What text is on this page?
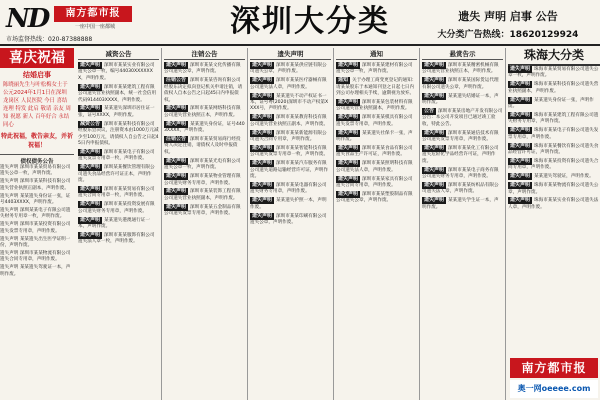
ND	南方都市报
一座中国一座都城
市场监督热线：020-87388888
深圳大分类	遗失 声明 启事 公告
大分类广告热线：18620129924
喜庆祝福
结婚启事
陈晓丽先生与叶松梅女士于公元2024年1月1日在深圳 龙岗区 人民医院 今日 喜结连理 特发 此启 敬请 亲友 周知 祝愿 新人 百年好合 永结同心
特此祝福，敬告亲友，并祈祝福！
债权债务公告
遗失声明 深圳市某某贸易有限公司遗失公章一枚，声明作废。
遗失声明 深圳市某某科技有限公司遗失营业执照正副本，声明作废。
遗失声明 某某遗失身份证一张，证号4403XXXX，声明作废。
遗失声明 深圳某某电子有限公司遗失财务专用章一枚，声明作废。
遗失声明 深圳市某某投资有限公司遗失发票专用章，声明作废。
遗失声明 某某遗失出生医学证明一份，声明作废。
遗失声明 深圳市某某物流有限公司遗失合同专用章，声明作废。
遗失声明 某某遗失驾驶证一本，声明作废。
减资公告
遗失声明 深圳市某某实业有限公司遗失公章一枚，编号44030XXXXXXX，声明作废。
遗失声明 深圳市某某建筑工程有限公司遗失营业执照副本，统一社会信用代码914403XXXX，声明作废。
遗失声明 某某遗失深圳市居住证一张，证号XXXX，声明作废。
减资公告 深圳市某某科技有限公司经股东会决议，注册资本由1000万元减少至100万元，请债权人自公告之日起45日内申报债权。
遗失声明 深圳市某某电子有限公司遗失发票专用章一枚，声明作废。
遗失声明 深圳某某餐饮管理有限公司遗失食品经营许可证正本，声明作废。
遗失声明 深圳市某某贸易有限公司遗失合同专用章一枚，声明作废。
遗失声明 深圳市某某投资发展有限公司遗失财务专用章，声明作废。
遗失声明 某某遗失港澳通行证一本，声明作废。
遗失声明 深圳市某某服饰有限公司遗失法人章一枚，声明作废。
注销公告
遗失声明 深圳市某某文化传播有限公司遗失公章，声明作废。
注销公告 深圳市某某咨询有限公司经股东决定拟向登记机关申请注销，请债权人自本公告之日起45日内申报债权。
遗失声明 深圳市某某网络科技有限公司遗失营业执照正本，声明作废。
遗失声明 某某遗失身份证，证号4403XXXX，声明作废。
注销公告 深圳市某某贸易商行经投资人决定注销，请债权人及时申报债权。
遗失声明 深圳市某某光电有限公司遗失公章一枚，声明作废。
遗失声明 深圳市某某物业管理有限公司遗失财务专用章，声明作废。
遗失声明 深圳市某某装饰工程有限公司遗失营业执照副本，声明作废。
遗失声明 深圳市某某五金制品有限公司遗失发票专用章，声明作废。
遗失声明
遗失声明 深圳市某某供应链有限公司遗失公章，声明作废。
遗失声明 深圳市某某医疗器械有限公司遗失法人章，声明作废。
遗失声明 某某遗失不动产权证书一本，证号粤(2020)深圳市不动产权第XXXX号，声明作废。
遗失声明 深圳市某某教育科技有限公司遗失营业执照正副本，声明作废。
遗失声明 深圳市某某新能源有限公司遗失合同专用章，声明作废。
遗失声明 深圳市某某智能科技有限公司遗失发票专用章一枚，声明作废。
遗失声明 深圳市某某汽车服务有限公司遗失道路运输经营许可证，声明作废。
遗失声明 深圳市某某电器有限公司遗失财务专用章，声明作废。
遗失声明 某某遗失护照一本，声明作废。
遗失声明 深圳市某某印刷有限公司遗失公章，声明作废。
通知
遗失声明 深圳市某某建材有限公司遗失公章一枚，声明作废。
通知 关于办理工商变更登记的通知：请某某股东于本通知刊登之日起七日内到公司办理相关手续，逾期视为放弃。
遗失声明 深圳市某某包装材料有限公司遗失营业执照副本，声明作废。
遗失声明 深圳市某某模具有限公司遗失发票专用章，声明作废。
遗失声明 某某遗失社保卡一张，声明作废。
遗失声明 深圳市某某食品有限公司遗失食品生产许可证，声明作废。
遗失声明 深圳市某某照明科技有限公司遗失法人章，声明作废。
遗失声明 深圳市某某家具有限公司遗失合同专用章，声明作废。
遗失声明 深圳市某某塑胶制品有限公司遗失公章，声明作废。
悬赏告示
遗失声明 深圳市某某精密机械有限公司遗失营业执照正本，声明作废。
遗失声明 深圳市某某国际货运代理有限公司遗失公章，声明作废。
遗失声明 某某遗失结婚证一本，声明作废。
公告 深圳市某某房地产开发有限公司公告：本公司开发项目已通过竣工验收，特此公告。
遗失声明 深圳市某某通信技术有限公司遗失发票专用章，声明作废。
遗失声明 深圳市某某化工有限公司遗失危险化学品经营许可证，声明作废。
遗失声明 深圳市某某电子商务有限公司遗失财务专用章，声明作废。
遗失声明 深圳市某某纺织品有限公司遗失法人章，声明作废。
遗失声明 某某遗失学生证一本，声明作废。
珠海大分类
遗失声明 珠海市某某贸易有限公司遗失公章一枚，声明作废。
遗失声明 珠海市某某科技有限公司遗失营业执照副本，声明作废。
遗失声明 某某遗失身份证一张，声明作废。
遗失声明 珠海市某某建筑工程有限公司遗失财务专用章，声明作废。
遗失声明 珠海市某某电子有限公司遗失发票专用章，声明作废。
遗失声明 珠海市某某餐饮有限公司遗失食品经营许可证，声明作废。
遗失声明 珠海市某某投资有限公司遗失合同专用章，声明作废。
遗失声明 某某遗失驾驶证，声明作废。
遗失声明 珠海市某某物流有限公司遗失公章，声明作废。
遗失声明 珠海市某某实业有限公司遗失法人章，声明作废。
南方都市报
奥一网oeeee.com
